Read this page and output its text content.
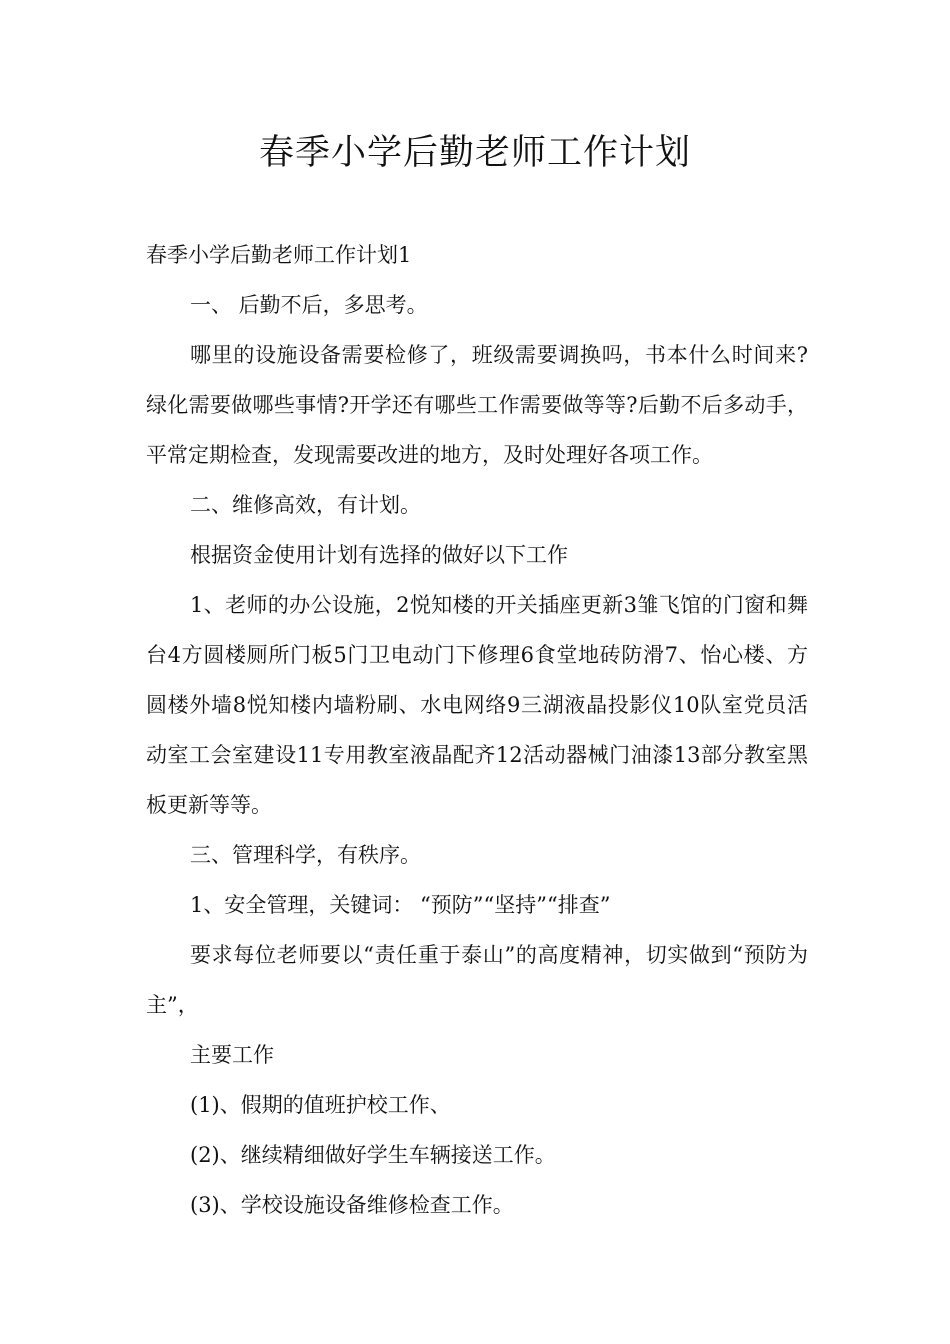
春季小学后勤老师工作计划

春季小学后勤老师工作计划1

一、 后勤不后，多思考。

哪里的设施设备需要检修了，班级需要调换吗，书本什么时间来?绿化需要做哪些事情?开学还有哪些工作需要做等等?后勤不后多动手，平常定期检查，发现需要改进的地方，及时处理好各项工作。

二、维修高效，有计划。

根据资金使用计划有选择的做好以下工作

1、老师的办公设施，2悦知楼的开关插座更新3雏飞馆的门窗和舞台4方圆楼厕所门板5门卫电动门下修理6食堂地砖防滑7、怡心楼、方圆楼外墙8悦知楼内墙粉刷、水电网络9三湖液晶投影仪10队室党员活动室工会室建设11专用教室液晶配齐12活动器械门油漆13部分教室黑板更新等等。

三、管理科学，有秩序。

1、安全管理，关键词： “预防”“坚持”“排查”

要求每位老师要以“责任重于泰山”的高度精神，切实做到“预防为主”，

主要工作

(1)、假期的值班护校工作、

(2)、继续精细做好学生车辆接送工作。

(3)、学校设施设备维修检查工作。
